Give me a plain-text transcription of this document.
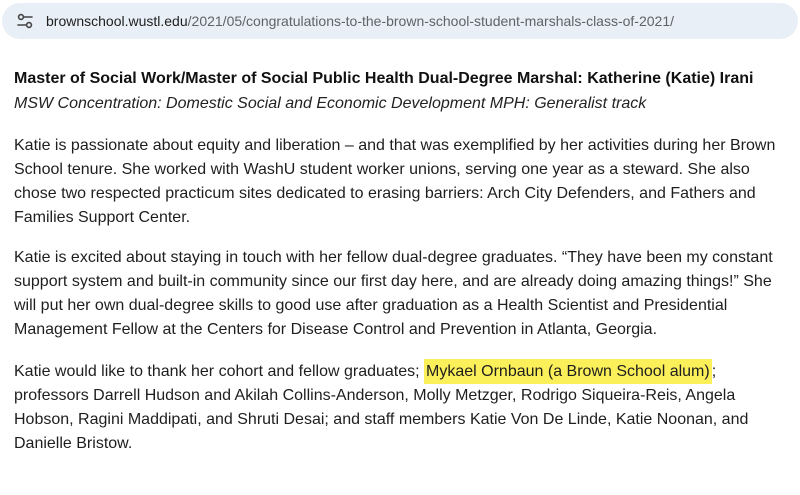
brownschool.wustl.edu/2021/05/congratulations-to-the-brown-school-student-marshals-class-of-2021/
Master of Social Work/Master of Social Public Health Dual-Degree Marshal: Katherine (Katie) Irani
MSW Concentration: Domestic Social and Economic Development MPH: Generalist track

Katie is passionate about equity and liberation – and that was exemplified by her activities during her Brown School tenure. She worked with WashU student worker unions, serving one year as a steward. She also chose two respected practicum sites dedicated to erasing barriers: Arch City Defenders, and Fathers and Families Support Center.

Katie is excited about staying in touch with her fellow dual-degree graduates. “They have been my constant support system and built-in community since our first day here, and are already doing amazing things!” She will put her own dual-degree skills to good use after graduation as a Health Scientist and Presidential Management Fellow at the Centers for Disease Control and Prevention in Atlanta, Georgia.

Katie would like to thank her cohort and fellow graduates; Mykael Ornbaun (a Brown School alum) ; professors Darrell Hudson and Akilah Collins-Anderson, Molly Metzger, Rodrigo Siqueira-Reis, Angela Hobson, Ragini Maddipati, and Shruti Desai; and staff members Katie Von De Linde, Katie Noonan, and Danielle Bristow.
